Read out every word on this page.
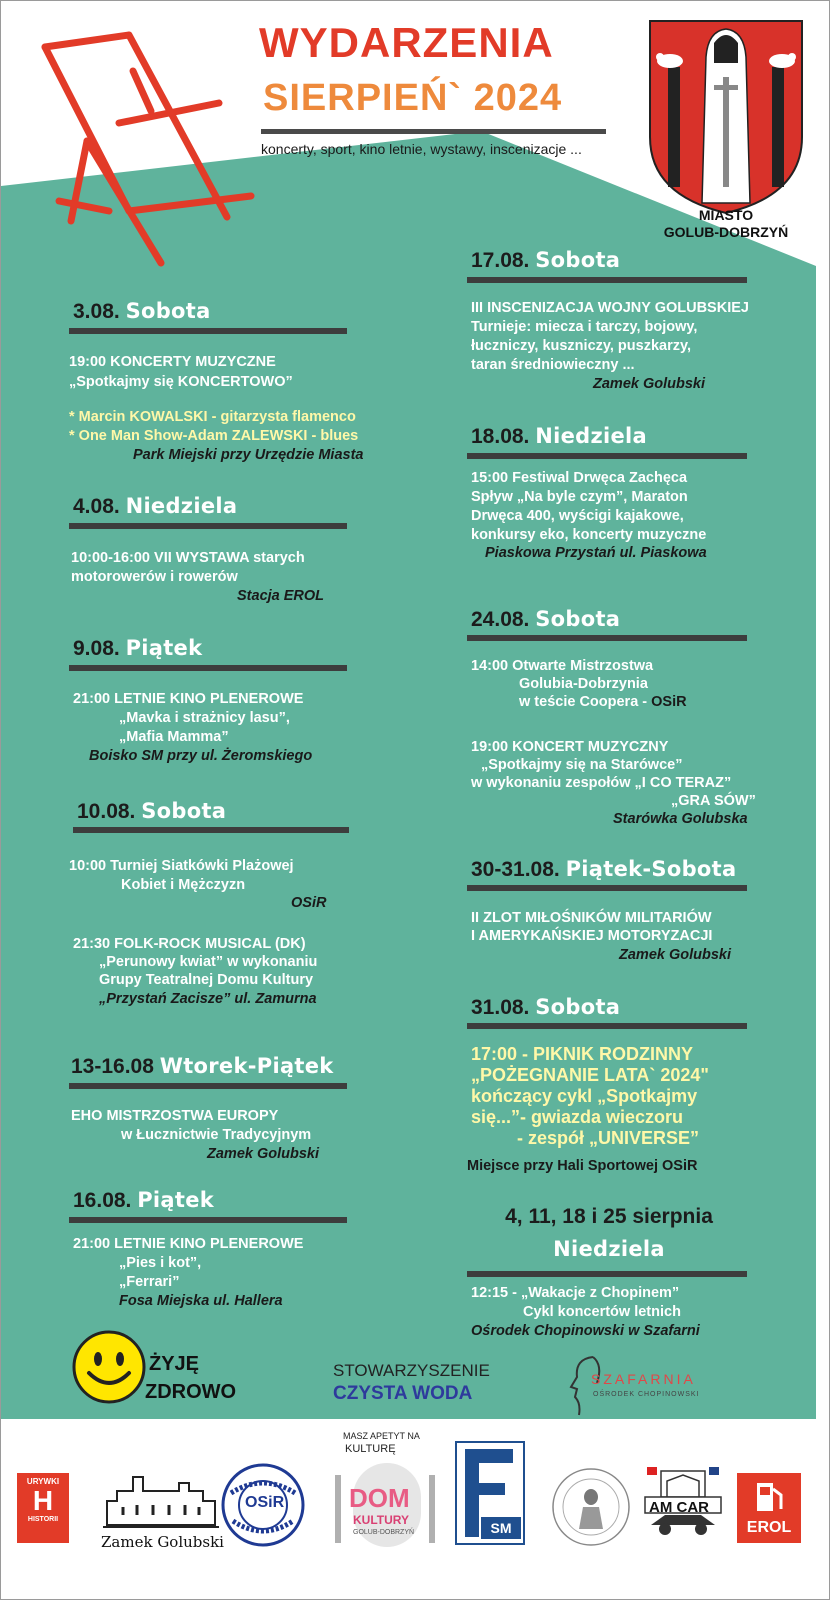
WYDARZENIA
SIERPIEŃ` 2024
koncerty, sport, kino letnie, wystawy, inscenizacje ...
MIASTO
GOLUB-DOBRZYŃ
3.08. Sobota
19:00 KONCERTY MUZYCZNE
„Spotkajmy się KONCERTOWO”
* Marcin KOWALSKI - gitarzysta flamenco
* One Man Show-Adam ZALEWSKI - blues
Park Miejski przy Urzędzie Miasta
4.08. Niedziela
10:00-16:00 VII WYSTAWA starych
motorowerów i rowerów
Stacja EROL
9.08. Piątek
21:00 LETNIE KINO PLENEROWE
„Mavka i strażnicy lasu”,
„Mafia Mamma”
Boisko SM przy ul. Żeromskiego
10.08. Sobota
10:00 Turniej Siatkówki Plażowej
Kobiet i Mężczyzn
OSiR
21:30 FOLK-ROCK MUSICAL (DK)
„Perunowy kwiat” w wykonaniu
Grupy Teatralnej Domu Kultury
„Przystań Zacisze” ul. Zamurna
13-16.08 Wtorek-Piątek
EHO MISTRZOSTWA EUROPY
w Łucznictwie Tradycyjnym
Zamek Golubski
16.08. Piątek
21:00 LETNIE KINO PLENEROWE
„Pies i kot”,
„Ferrari”
Fosa Miejska ul. Hallera
17.08. Sobota
III INSCENIZACJA WOJNY GOLUBSKIEJ
Turnieje: miecza i tarczy, bojowy,
łuczniczy, kuszniczy, puszkarzy,
taran średniowieczny ...
Zamek Golubski
18.08. Niedziela
15:00 Festiwal Drwęca Zachęca
Spływ „Na byle czym”, Maraton
Drwęca 400, wyścigi kajakowe,
konkursy eko, koncerty muzyczne
Piaskowa Przystań ul. Piaskowa
24.08. Sobota
14:00 Otwarte Mistrzostwa
Golubia-Dobrzynia
w teście Coopera - OSiR
19:00 KONCERT MUZYCZNY
„Spotkajmy się na Starówce”
w wykonaniu zespołów „I CO TERAZ”
„GRA SÓW”
Starówka Golubska
30-31.08. Piątek-Sobota
II ZLOT MIŁOŚNIKÓW MILITARIÓW
I AMERYKAŃSKIEJ MOTORYZACJI
Zamek Golubski
31.08. Sobota
17:00 - PIKNIK RODZINNY
„POŻEGNANIE LATA` 2024"
kończący cykl „Spotkajmy
się...”- gwiazda wieczoru
- zespół „UNIVERSE”
Miejsce przy Hali Sportowej OSiR
4, 11, 18 i 25 sierpnia
Niedziela
12:15 - „Wakacje z Chopinem”
Cykl koncertów letnich
Ośrodek Chopinowski w Szafarni
ŻYJĘ
ZDROWO
STOWARZYSZENIE
CZYSTA WODA
SZAFARNIA
OŚRODEK CHOPINOWSKI
URYWKI
H
HISTORII
Zamek Golubski
OSiR
MASZ APETYT NA
KULTURĘ
DOM
KULTURY
GOLUB-DOBRZYŃ	SM
AM CAR
EROL
